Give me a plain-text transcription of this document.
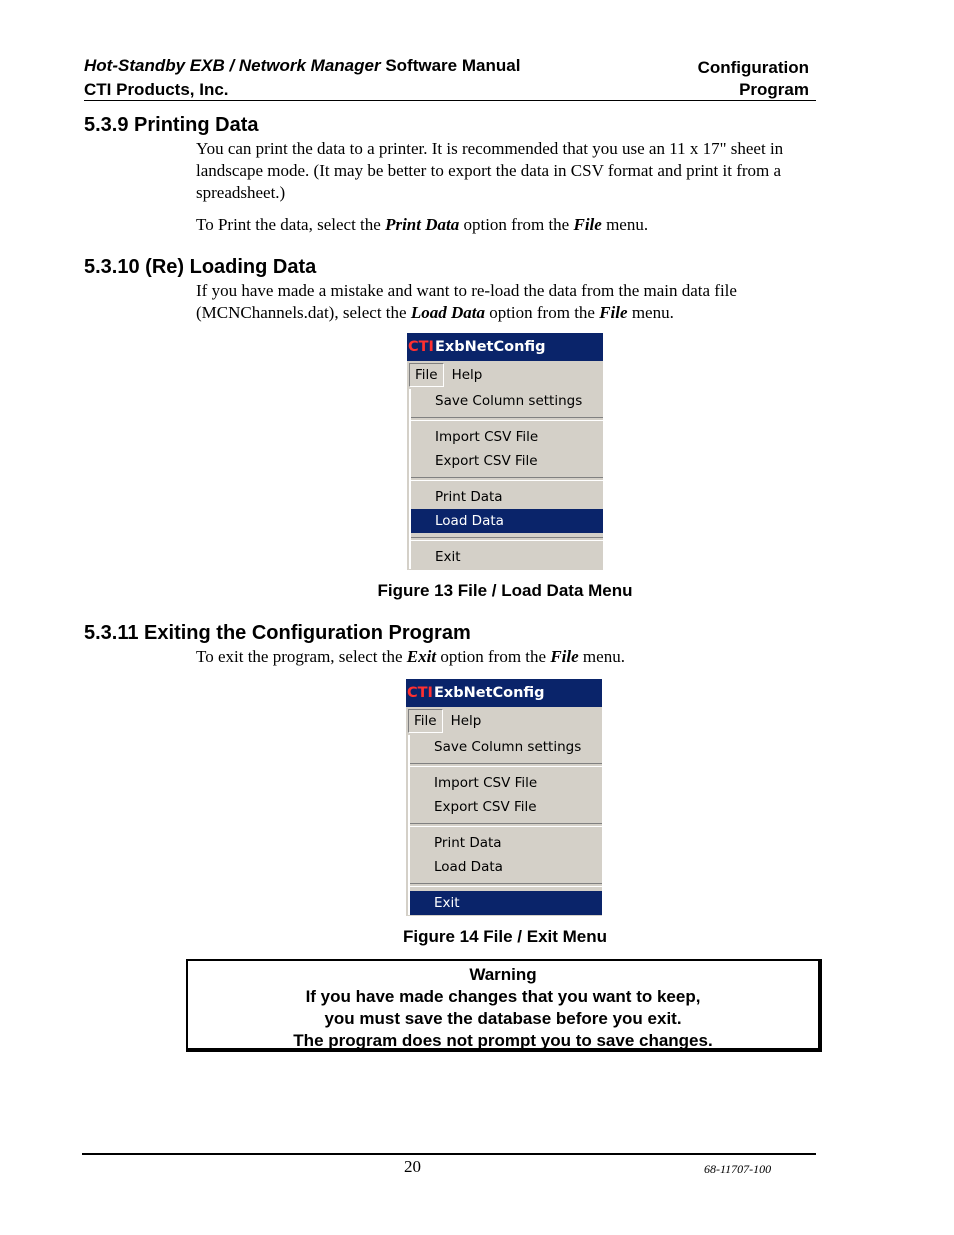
Hot-Standby EXB / Network Manager Software Manual
CTI Products, Inc.
Configuration
Program
5.3.9 Printing Data
You can print the data to a printer. It is recommended that you use an 11 x 17" sheet in landscape mode. (It may be better to export the data in CSV format and print it from a spreadsheet.)
To Print the data, select the Print Data option from the File menu.
5.3.10 (Re) Loading Data
If you have made a mistake and want to re-load the data from the main data file (MCNChannels.dat), select the Load Data option from the File menu.
CTI ExbNetConfig
File	Help
Save Column settings
Import CSV File
Export CSV File
Print Data
Load Data
Exit
Figure 13 File / Load Data Menu
5.3.11 Exiting the Configuration Program
To exit the program, select the Exit option from the File menu.
CTI ExbNetConfig
File	Help
Save Column settings
Import CSV File
Export CSV File
Print Data
Load Data
Exit
Figure 14 File / Exit Menu
Warning
If you have made changes that you want to keep,
you must save the database before you exit.
The program does not prompt you to save changes.
20	68-11707-100
